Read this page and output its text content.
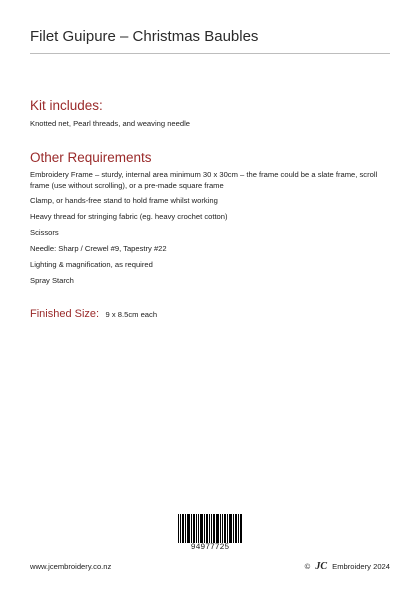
Filet Guipure – Christmas Baubles
Kit includes:
Knotted net, Pearl threads, and weaving needle
Other Requirements
Embroidery Frame – sturdy, internal area minimum 30 x 30cm – the frame could be a slate frame, scroll frame (use without scrolling), or a pre-made square frame
Clamp, or hands-free stand to hold frame whilst working
Heavy thread for stringing fabric (eg. heavy crochet cotton)
Scissors
Needle: Sharp / Crewel #9, Tapestry #22
Lighting & magnification, as required
Spray Starch
Finished Size: 9 x 8.5cm each
94977725
www.jcembroidery.co.nz	© JC Embroidery 2024
